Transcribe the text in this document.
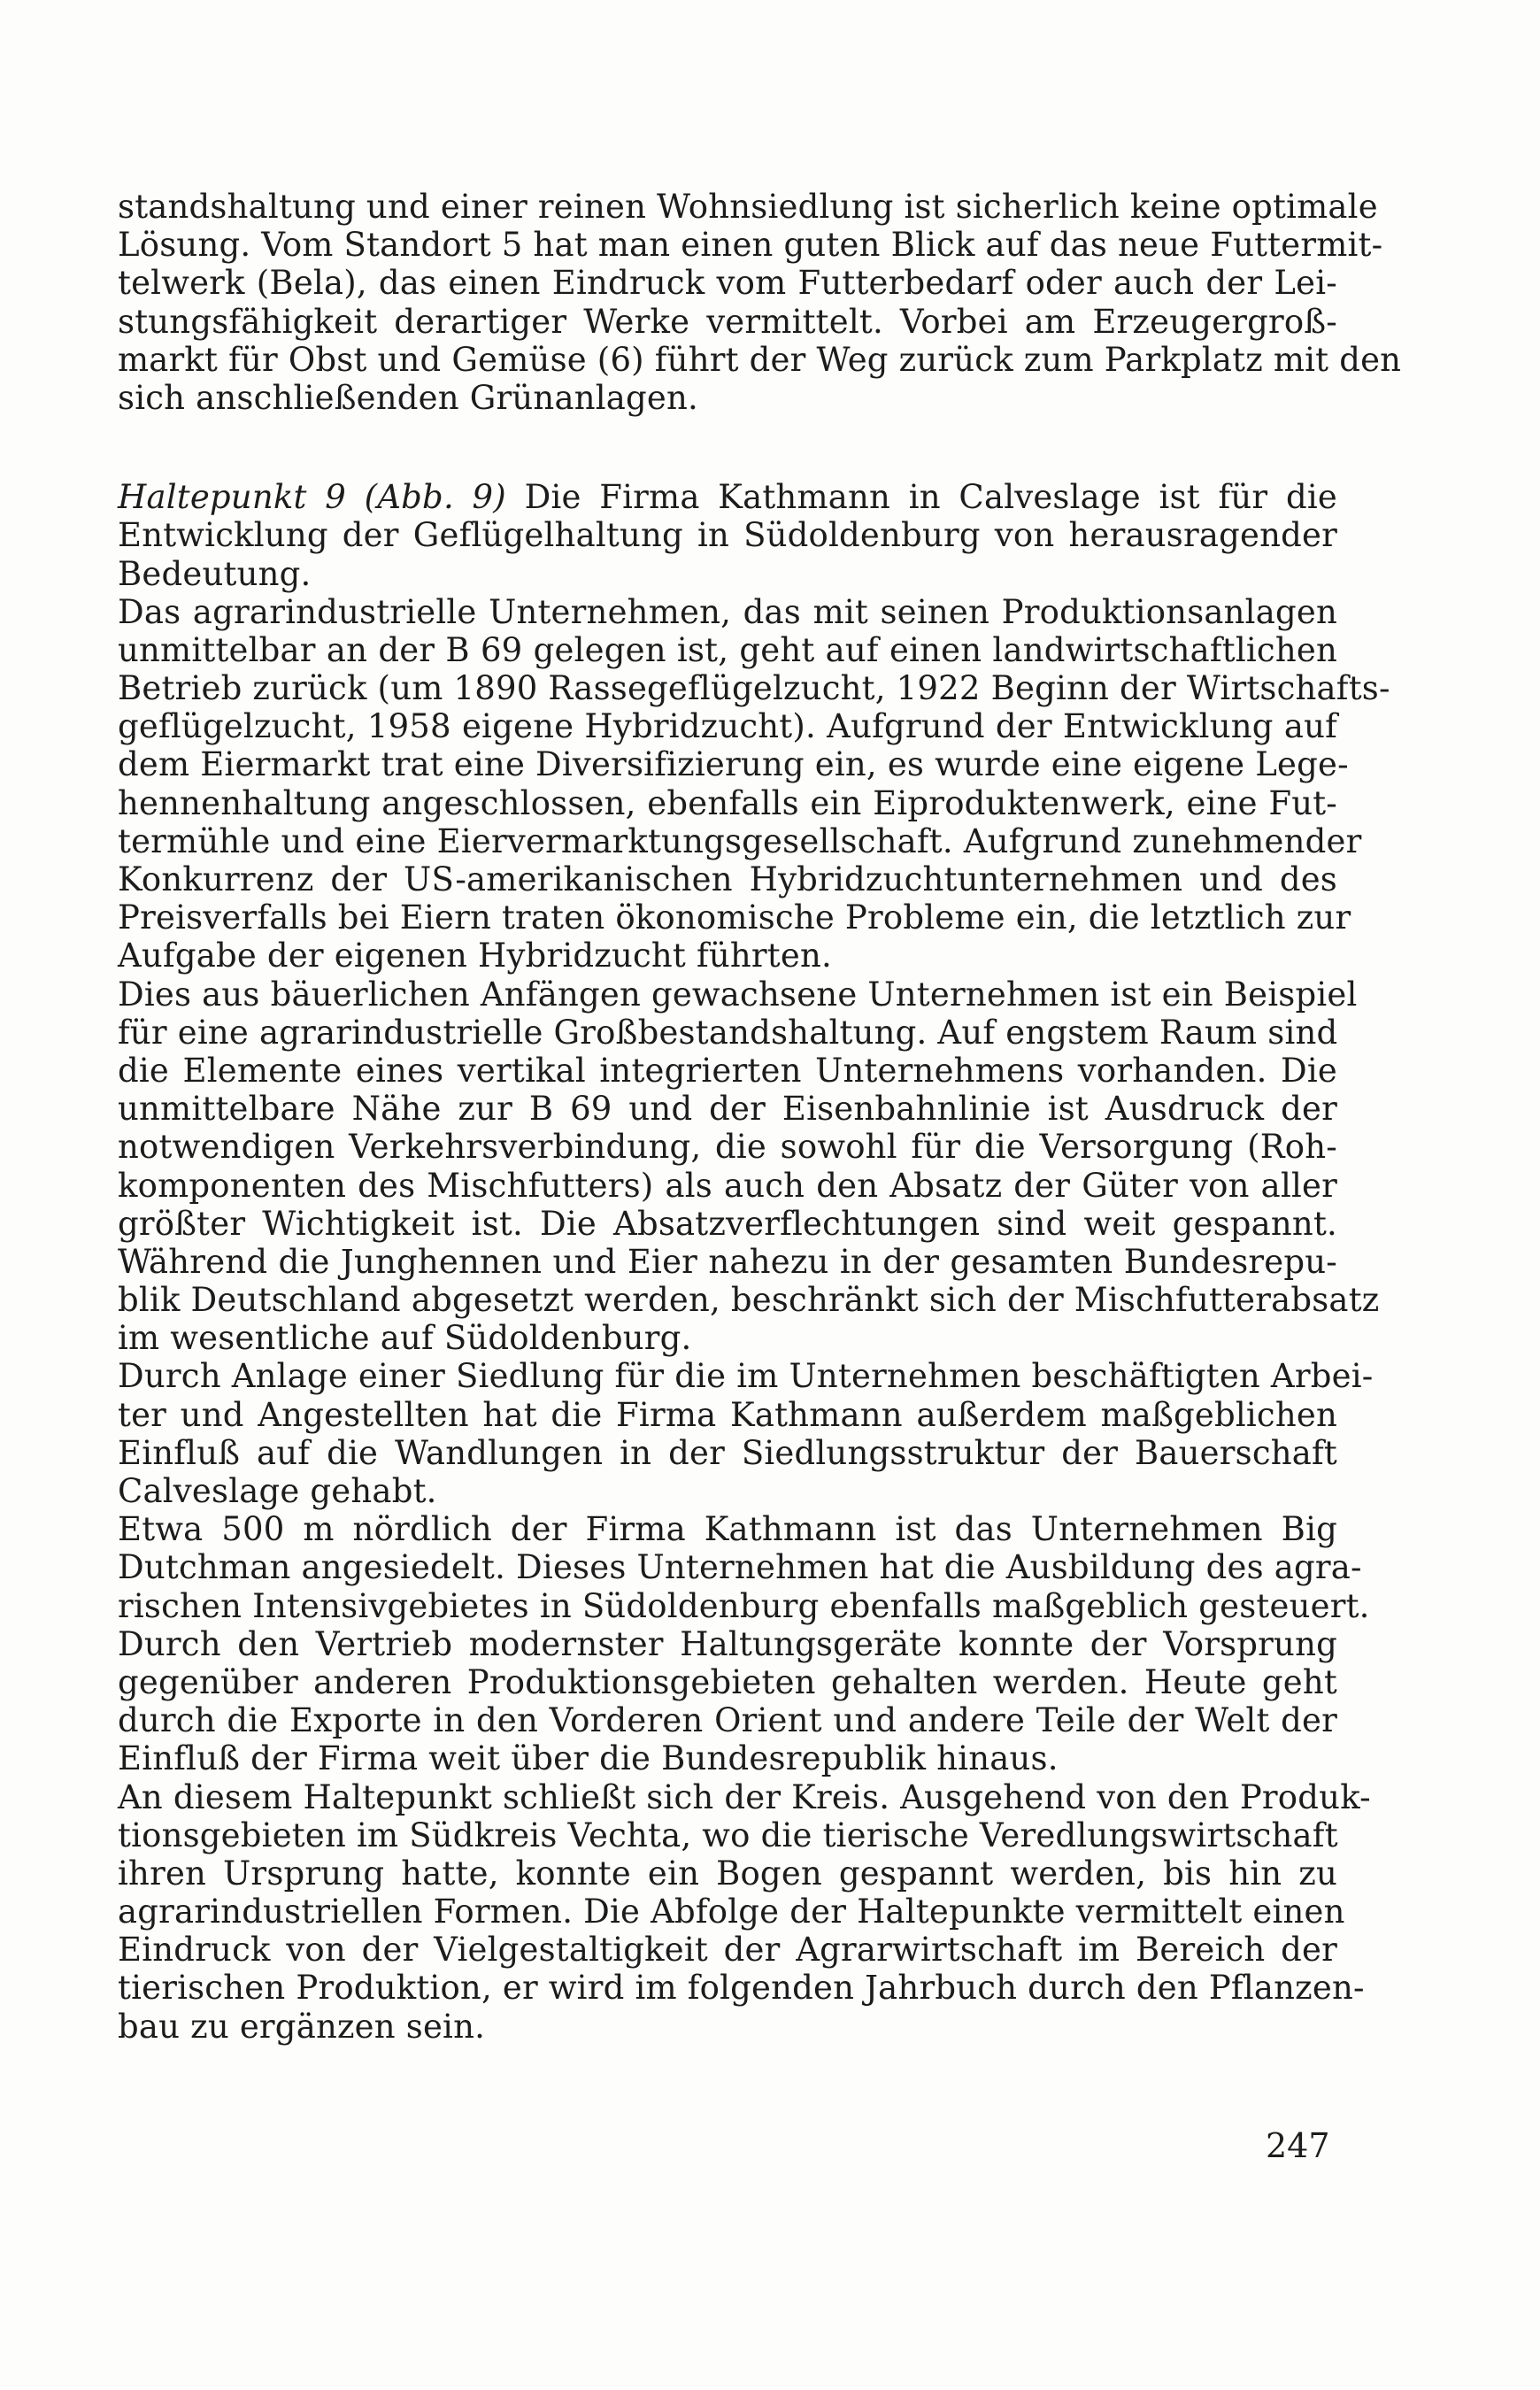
standshaltung und einer reinen Wohnsiedlung ist sicherlich keine optimale
Lösung. Vom Standort 5 hat man einen guten Blick auf das neue Futtermit-
telwerk (Bela), das einen Eindruck vom Futterbedarf oder auch der Lei-
stungsfähigkeit derartiger Werke vermittelt. Vorbei am Erzeugergroß-
markt für Obst und Gemüse (6) führt der Weg zurück zum Parkplatz mit den
sich anschließenden Grünanlagen.
Haltepunkt 9 (Abb. 9) Die Firma Kathmann in Calveslage ist für die
Entwicklung der Geflügelhaltung in Südoldenburg von herausragender
Bedeutung.
Das agrarindustrielle Unternehmen, das mit seinen Produktionsanlagen
unmittelbar an der B 69 gelegen ist, geht auf einen landwirtschaftlichen
Betrieb zurück (um 1890 Rassegeflügelzucht, 1922 Beginn der Wirtschafts-
geflügelzucht, 1958 eigene Hybridzucht). Aufgrund der Entwicklung auf
dem Eiermarkt trat eine Diversifizierung ein, es wurde eine eigene Lege-
hennenhaltung angeschlossen, ebenfalls ein Eiproduktenwerk, eine Fut-
termühle und eine Eiervermarktungsgesellschaft. Aufgrund zunehmender
Konkurrenz der US-amerikanischen Hybridzuchtunternehmen und des
Preisverfalls bei Eiern traten ökonomische Probleme ein, die letztlich zur
Aufgabe der eigenen Hybridzucht führten.
Dies aus bäuerlichen Anfängen gewachsene Unternehmen ist ein Beispiel
für eine agrarindustrielle Großbestandshaltung. Auf engstem Raum sind
die Elemente eines vertikal integrierten Unternehmens vorhanden. Die
unmittelbare Nähe zur B 69 und der Eisenbahnlinie ist Ausdruck der
notwendigen Verkehrsverbindung, die sowohl für die Versorgung (Roh-
komponenten des Mischfutters) als auch den Absatz der Güter von aller
größter Wichtigkeit ist. Die Absatzverflechtungen sind weit gespannt.
Während die Junghennen und Eier nahezu in der gesamten Bundesrepu-
blik Deutschland abgesetzt werden, beschränkt sich der Mischfutterabsatz
im wesentliche auf Südoldenburg.
Durch Anlage einer Siedlung für die im Unternehmen beschäftigten Arbei-
ter und Angestellten hat die Firma Kathmann außerdem maßgeblichen
Einfluß auf die Wandlungen in der Siedlungsstruktur der Bauerschaft
Calveslage gehabt.
Etwa 500 m nördlich der Firma Kathmann ist das Unternehmen Big
Dutchman angesiedelt. Dieses Unternehmen hat die Ausbildung des agra-
rischen Intensivgebietes in Südoldenburg ebenfalls maßgeblich gesteuert.
Durch den Vertrieb modernster Haltungsgeräte konnte der Vorsprung
gegenüber anderen Produktionsgebieten gehalten werden. Heute geht
durch die Exporte in den Vorderen Orient und andere Teile der Welt der
Einfluß der Firma weit über die Bundesrepublik hinaus.
An diesem Haltepunkt schließt sich der Kreis. Ausgehend von den Produk-
tionsgebieten im Südkreis Vechta, wo die tierische Veredlungswirtschaft
ihren Ursprung hatte, konnte ein Bogen gespannt werden, bis hin zu
agrarindustriellen Formen. Die Abfolge der Haltepunkte vermittelt einen
Eindruck von der Vielgestaltigkeit der Agrarwirtschaft im Bereich der
tierischen Produktion, er wird im folgenden Jahrbuch durch den Pflanzen-
bau zu ergänzen sein.
247
